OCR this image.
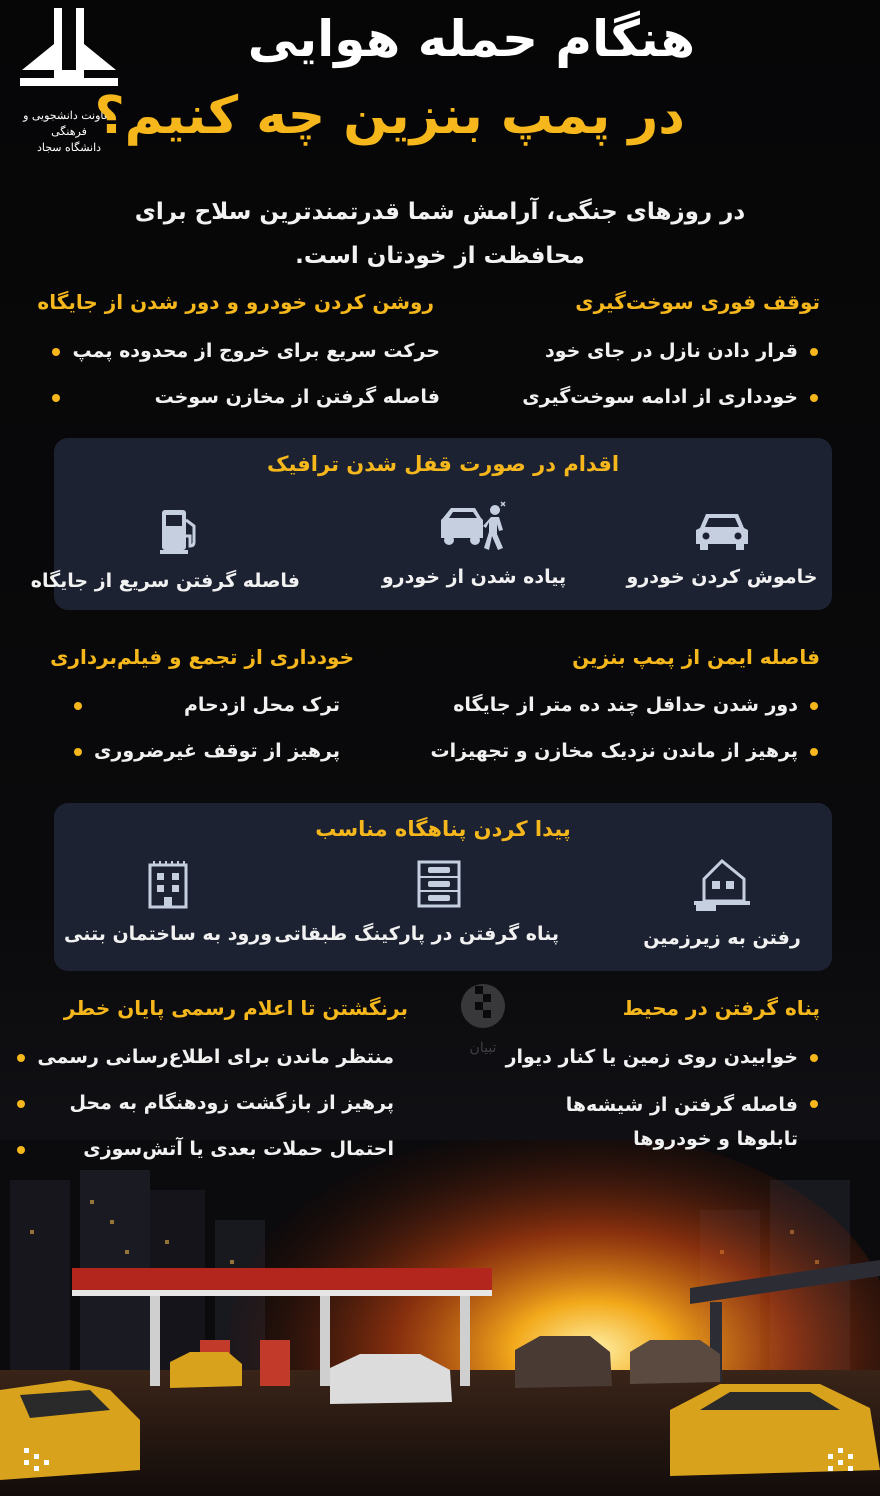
معاونت دانشجویی و فرهنگی
دانشگاه سجاد
هنگام حمله هوایی
در پمپ بنزین چه کنیم؟
در روزهای جنگی، آرامش شما قدرتمندترین سلاح برای محافظت از خودتان است.
توقف فوری سوخت‌گیری
قرار دادن نازل در جای خود
خودداری از ادامه سوخت‌گیری
روشن کردن خودرو و دور شدن از جایگاه
حرکت سریع برای خروج از محدوده پمپ
فاصله گرفتن از مخازن سوخت
اقدام در صورت قفل شدن ترافیک
خاموش کردن خودرو
پیاده شدن از خودرو
فاصله گرفتن سریع از جایگاه
فاصله ایمن از پمپ بنزین
دور شدن حداقل چند ده متر از جایگاه
پرهیز از ماندن نزدیک مخازن و تجهیزات
خودداری از تجمع و فیلم‌برداری
ترک محل ازدحام
پرهیز از توقف غیرضروری
پیدا کردن پناهگاه مناسب
رفتن به زیرزمین
پناه گرفتن در پارکینگ طبقاتی
ورود به ساختمان بتنی
تبیان
پناه گرفتن در محیط
خوابیدن روی زمین یا کنار دیوار
فاصله گرفتن از شیشه‌ها تابلوها و خودروها
برنگشتن تا اعلام رسمی پایان خطر
منتظر ماندن برای اطلاع‌رسانی رسمی
پرهیز از بازگشت زودهنگام به محل
احتمال حملات بعدی یا آتش‌سوزی
